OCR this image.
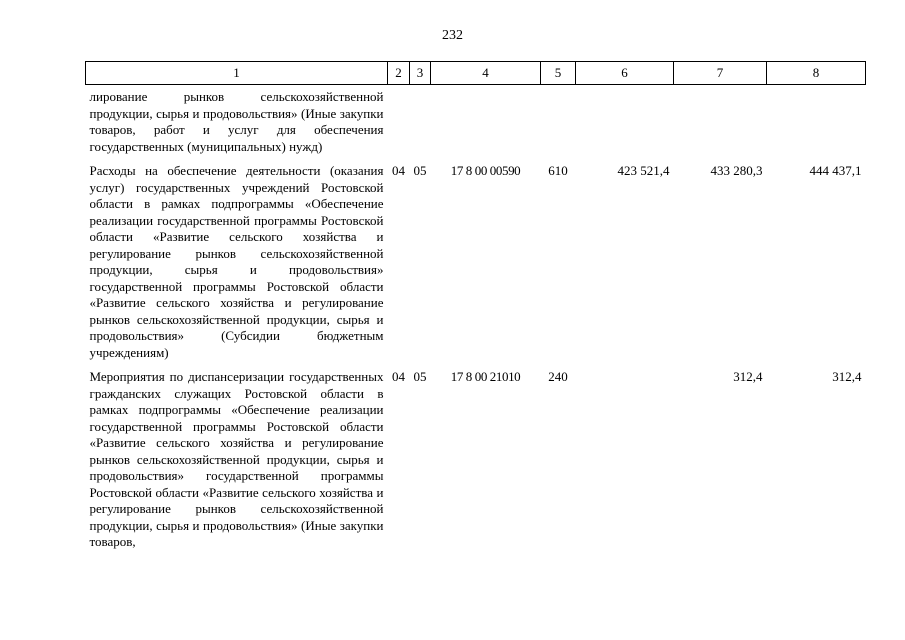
232
1	2	3	4	5	6	7	8
лирование рынков сельскохозяйственной продукции, сырья и продовольствия» (Иные закупки товаров, работ и услуг для обеспечения государственных (муниципальных) нужд)							
Расходы на обеспечение деятельности (оказания услуг) государственных учреждений Ростовской области в рамках подпрограммы «Обеспечение реализации государственной программы Ростовской области «Развитие сельского хозяйства и регулирование рынков сельскохозяйственной продукции, сырья и продовольствия» государственной программы Ростовской области «Развитие сельского хозяйства и регулирование рынков сельскохозяйственной продукции, сырья и продовольствия» (Субсидии бюджетным учреждениям)	04	05	17 8 00 00590	610	423 521,4	433 280,3	444 437,1
Мероприятия по диспансеризации государственных гражданских служащих Ростовской области в рамках подпрограммы «Обеспечение реализации государственной программы Ростовской области «Развитие сельского хозяйства и регулирование рынков сельскохозяйственной продукции, сырья и продовольствия» государственной программы Ростовской области «Развитие сельского хозяйства и регулирование рынков сельскохозяйственной продукции, сырья и продовольствия» (Иные закупки товаров,	04	05	17 8 00 21010	240		312,4	312,4
